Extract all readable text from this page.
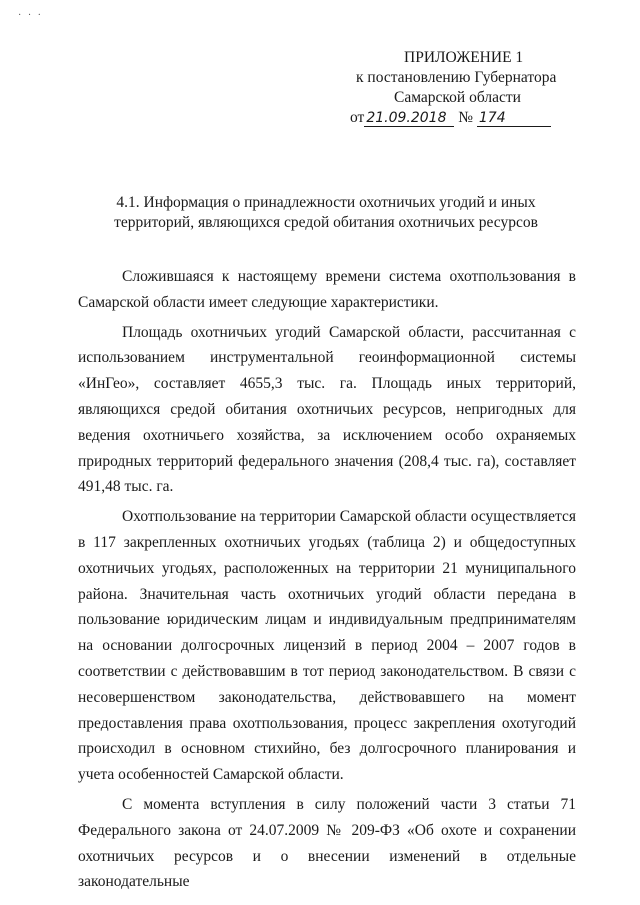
· · ·
ПРИЛОЖЕНИЕ 1
к постановлению Губернатора
Самарской области
от 21.09.2018 № 174
4.1. Информация о принадлежности охотничьих угодий и иных территорий, являющихся средой обитания охотничьих ресурсов

Сложившаяся к настоящему времени система охотпользования в Самарской области имеет следующие характеристики.

Площадь охотничьих угодий Самарской области, рассчитанная с использованием инструментальной геоинформационной системы «ИнГео», составляет 4655,3 тыс. га. Площадь иных территорий, являющихся средой обитания охотничьих ресурсов, непригодных для ведения охотничьего хозяйства, за исключением особо охраняемых природных территорий федерального значения (208,4 тыс. га), составляет 491,48 тыс. га.

Охотпользование на территории Самарской области осуществляется в 117 закрепленных охотничьих угодьях (таблица 2) и общедоступных охотничьих угодьях, расположенных на территории 21 муниципального района. Значительная часть охотничьих угодий области передана в пользование юридическим лицам и индивидуальным предпринимателям на основании долгосрочных лицензий в период 2004 – 2007 годов в соответствии с действовавшим в тот период законодательством. В связи с несовершенством законодательства, действовавшего на момент предоставления права охотпользования, процесс закрепления охотугодий происходил в основном стихийно, без долгосрочного планирования и учета особенностей Самарской области.

С момента вступления в силу положений части 3 статьи 71 Федерального закона от 24.07.2009 № 209-ФЗ «Об охоте и сохранении охотничьих ресурсов и о внесении изменений в отдельные законодательные
